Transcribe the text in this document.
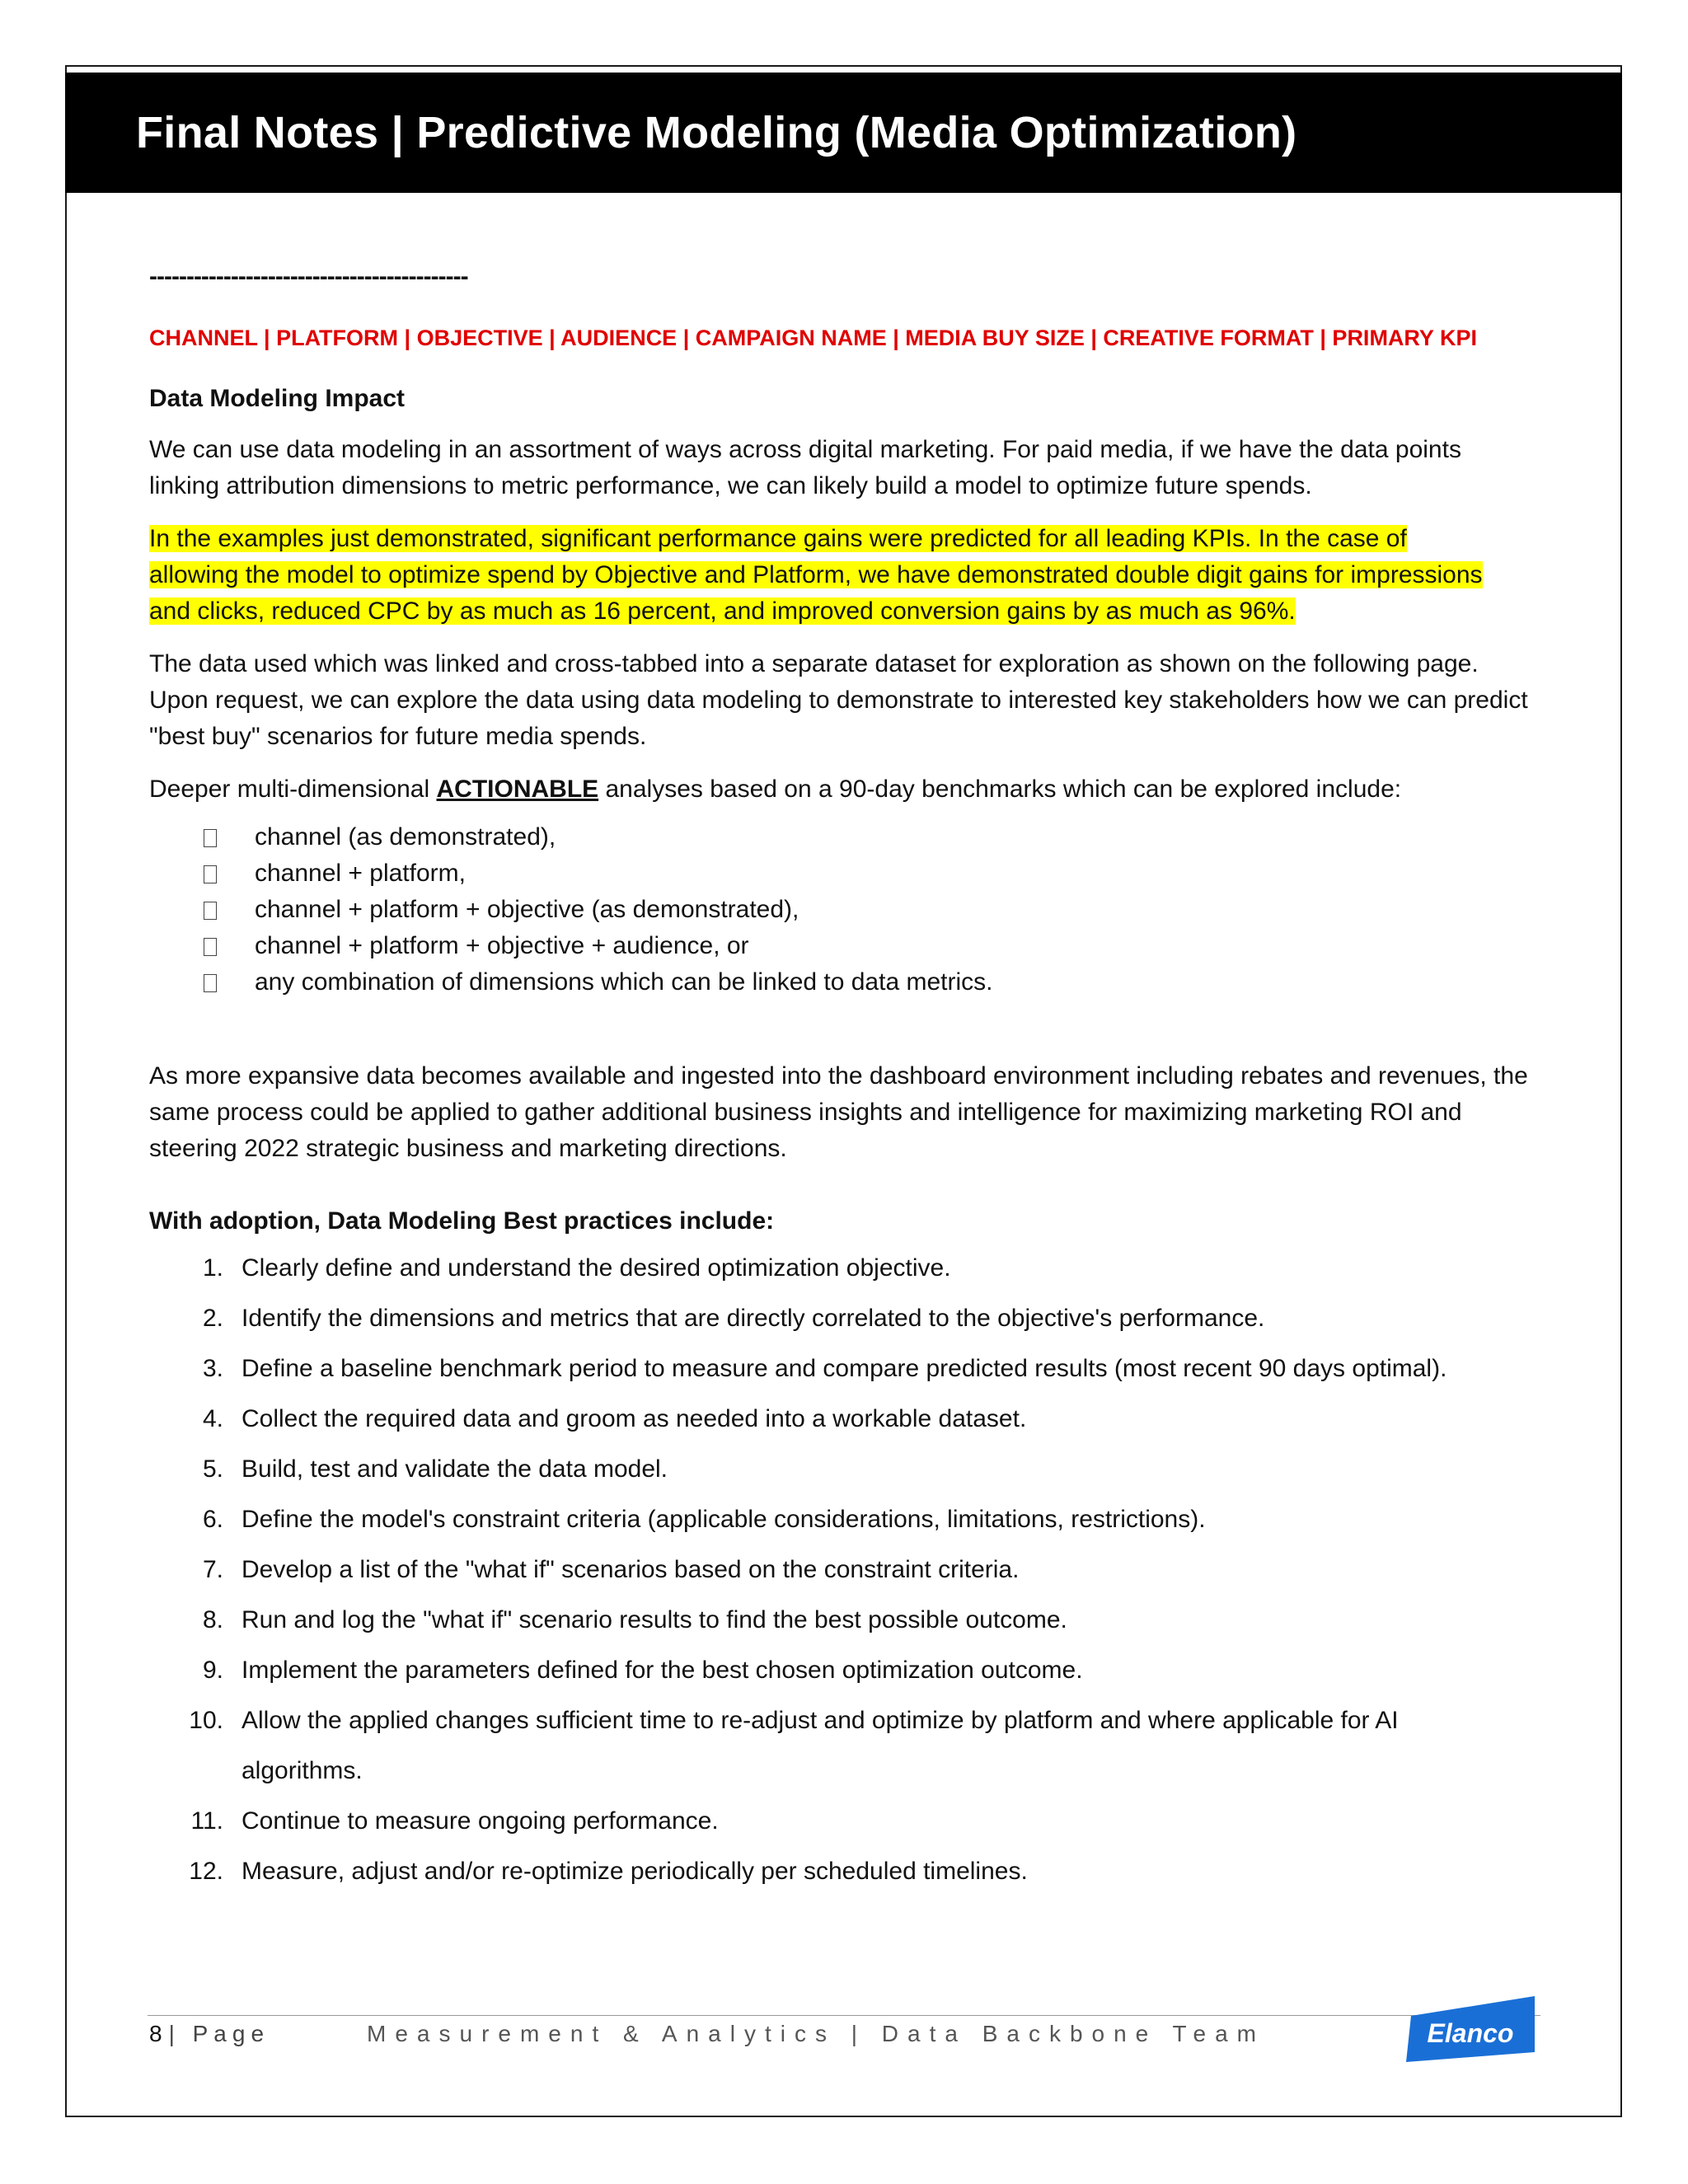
Final Notes | Predictive Modeling (Media Optimization)
-------------------------------------------
CHANNEL | PLATFORM | OBJECTIVE | AUDIENCE | CAMPAIGN NAME | MEDIA BUY SIZE | CREATIVE FORMAT | PRIMARY KPI
Data Modeling Impact

We can use data modeling in an assortment of ways across digital marketing. For paid media, if we have the data points linking attribution dimensions to metric performance, we can likely build a model to optimize future spends.

In the examples just demonstrated, significant performance gains were predicted for all leading KPIs. In the case of
allowing the model to optimize spend by Objective and Platform, we have demonstrated double digit gains for impressions
and clicks, reduced CPC by as much as 16 percent, and improved conversion gains by as much as 96%.

The data used which was linked and cross-tabbed into a separate dataset for exploration as shown on the following page. Upon request, we can explore the data using data modeling to demonstrate to interested key stakeholders how we can predict "best buy" scenarios for future media spends.

Deeper multi-dimensional ACTIONABLE analyses based on a 90-day benchmarks which can be explored include:

channel (as demonstrated),
channel + platform,
channel + platform + objective (as demonstrated),
channel + platform + objective + audience, or
any combination of dimensions which can be linked to data metrics.

As more expansive data becomes available and ingested into the dashboard environment including rebates and revenues, the same process could be applied to gather additional business insights and intelligence for maximizing marketing ROI and steering 2022 strategic business and marketing directions.

With adoption, Data Modeling Best practices include:
1. Clearly define and understand the desired optimization objective.
2. Identify the dimensions and metrics that are directly correlated to the objective's performance.
3. Define a baseline benchmark period to measure and compare predicted results (most recent 90 days optimal).
4. Collect the required data and groom as needed into a workable dataset.
5. Build, test and validate the data model.
6. Define the model's constraint criteria (applicable considerations, limitations, restrictions).
7. Develop a list of the "what if" scenarios based on the constraint criteria.
8. Run and log the "what if" scenario results to find the best possible outcome.
9. Implement the parameters defined for the best chosen optimization outcome.
10. Allow the applied changes sufficient time to re-adjust and optimize by platform and where applicable for AI algorithms.
11. Continue to measure ongoing performance.
12. Measure, adjust and/or re-optimize periodically per scheduled timelines.
8 | Page	Measurement & Analytics | Data Backbone Team	Elanco
